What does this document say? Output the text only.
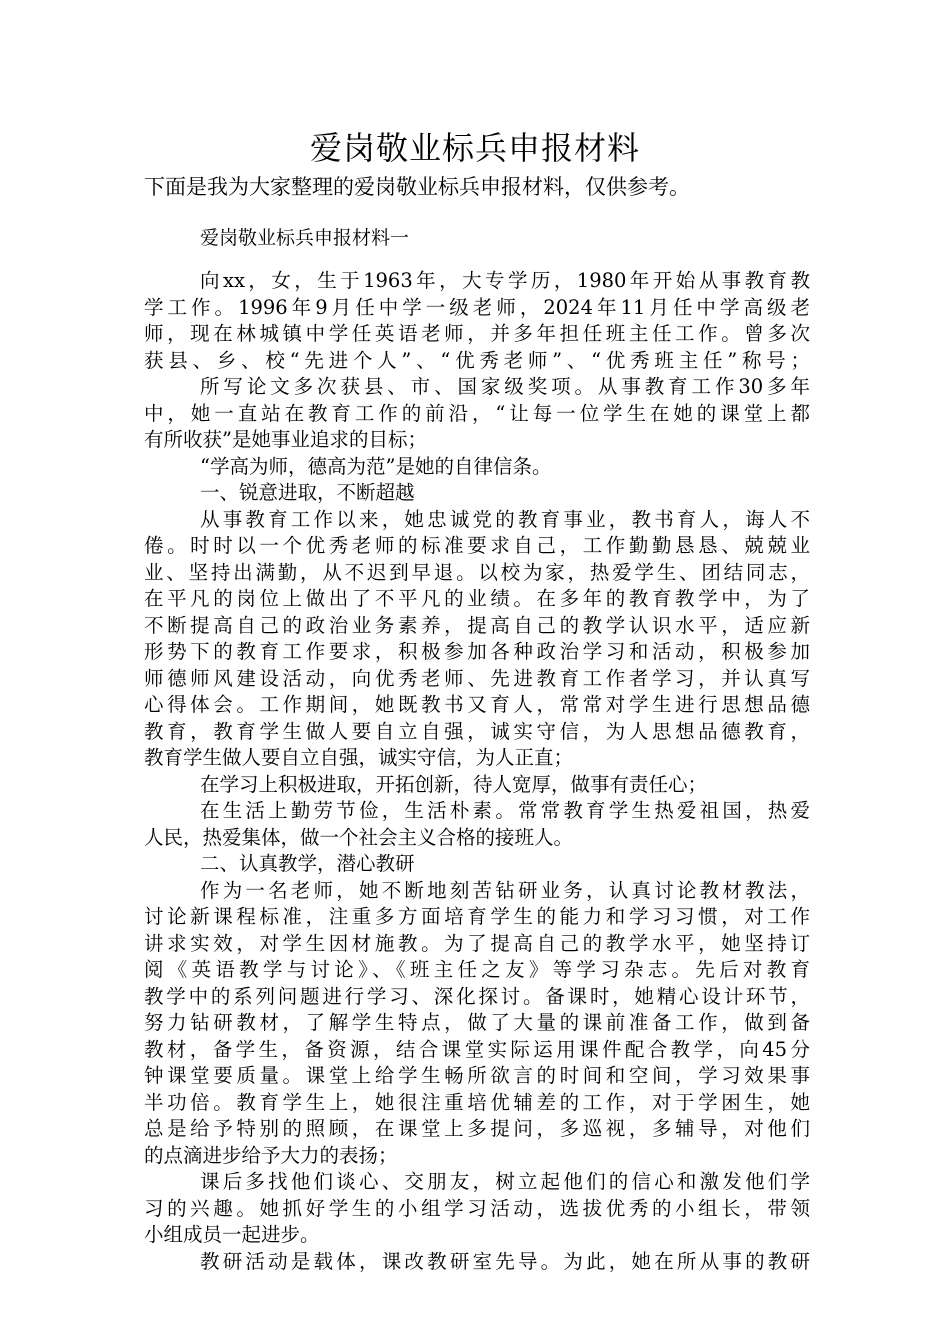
爱岗敬业标兵申报材料
下面是我为大家整理的爱岗敬业标兵申报材料，仅供参考。
爱岗敬业标兵申报材料一
向xx，女，生于1963年，大专学历，1980年开始从事教育教
学工作。1996年9月任中学一级老师，2024年11月任中学高级老
师，现在林城镇中学任英语老师，并多年担任班主任工作。曾多次
获县、乡、校“先进个人”、“优秀老师”、“优秀班主任”称号；
所写论文多次获县、市、国家级奖项。从事教育工作30多年
中，她一直站在教育工作的前沿，“让每一位学生在她的课堂上都
有所收获”是她事业追求的目标；
“学高为师，德高为范”是她的自律信条。
一、锐意进取，不断超越
从事教育工作以来，她忠诚党的教育事业，教书育人，诲人不
倦。时时以一个优秀老师的标准要求自己，工作勤勤恳恳、兢兢业
业、坚持出满勤，从不迟到早退。以校为家，热爱学生、团结同志，
在平凡的岗位上做出了不平凡的业绩。在多年的教育教学中，为了
不断提高自己的政治业务素养，提高自己的教学认识水平，适应新
形势下的教育工作要求，积极参加各种政治学习和活动，积极参加
师德师风建设活动，向优秀老师、先进教育工作者学习，并认真写
心得体会。工作期间，她既教书又育人，常常对学生进行思想品德
教育，教育学生做人要自立自强，诚实守信，为人思想品德教育，
教育学生做人要自立自强，诚实守信，为人正直；
在学习上积极进取，开拓创新，待人宽厚，做事有责任心；
在生活上勤劳节俭，生活朴素。常常教育学生热爱祖国，热爱
人民，热爱集体，做一个社会主义合格的接班人。
二、认真教学，潜心教研
作为一名老师，她不断地刻苦钻研业务，认真讨论教材教法，
讨论新课程标准，注重多方面培育学生的能力和学习习惯，对工作
讲求实效，对学生因材施教。为了提高自己的教学水平，她坚持订
阅《英语教学与讨论》、《班主任之友》等学习杂志。先后对教育
教学中的系列问题进行学习、深化探讨。备课时，她精心设计环节，
努力钻研教材，了解学生特点，做了大量的课前准备工作，做到备
教材，备学生，备资源，结合课堂实际运用课件配合教学，向45分
钟课堂要质量。课堂上给学生畅所欲言的时间和空间，学习效果事
半功倍。教育学生上，她很注重培优辅差的工作，对于学困生，她
总是给予特别的照顾，在课堂上多提问，多巡视，多辅导，对他们
的点滴进步给予大力的表扬；
课后多找他们谈心、交朋友，树立起他们的信心和激发他们学
习的兴趣。她抓好学生的小组学习活动，选拔优秀的小组长，带领
小组成员一起进步。
教研活动是载体，课改教研室先导。为此，她在所从事的教研
